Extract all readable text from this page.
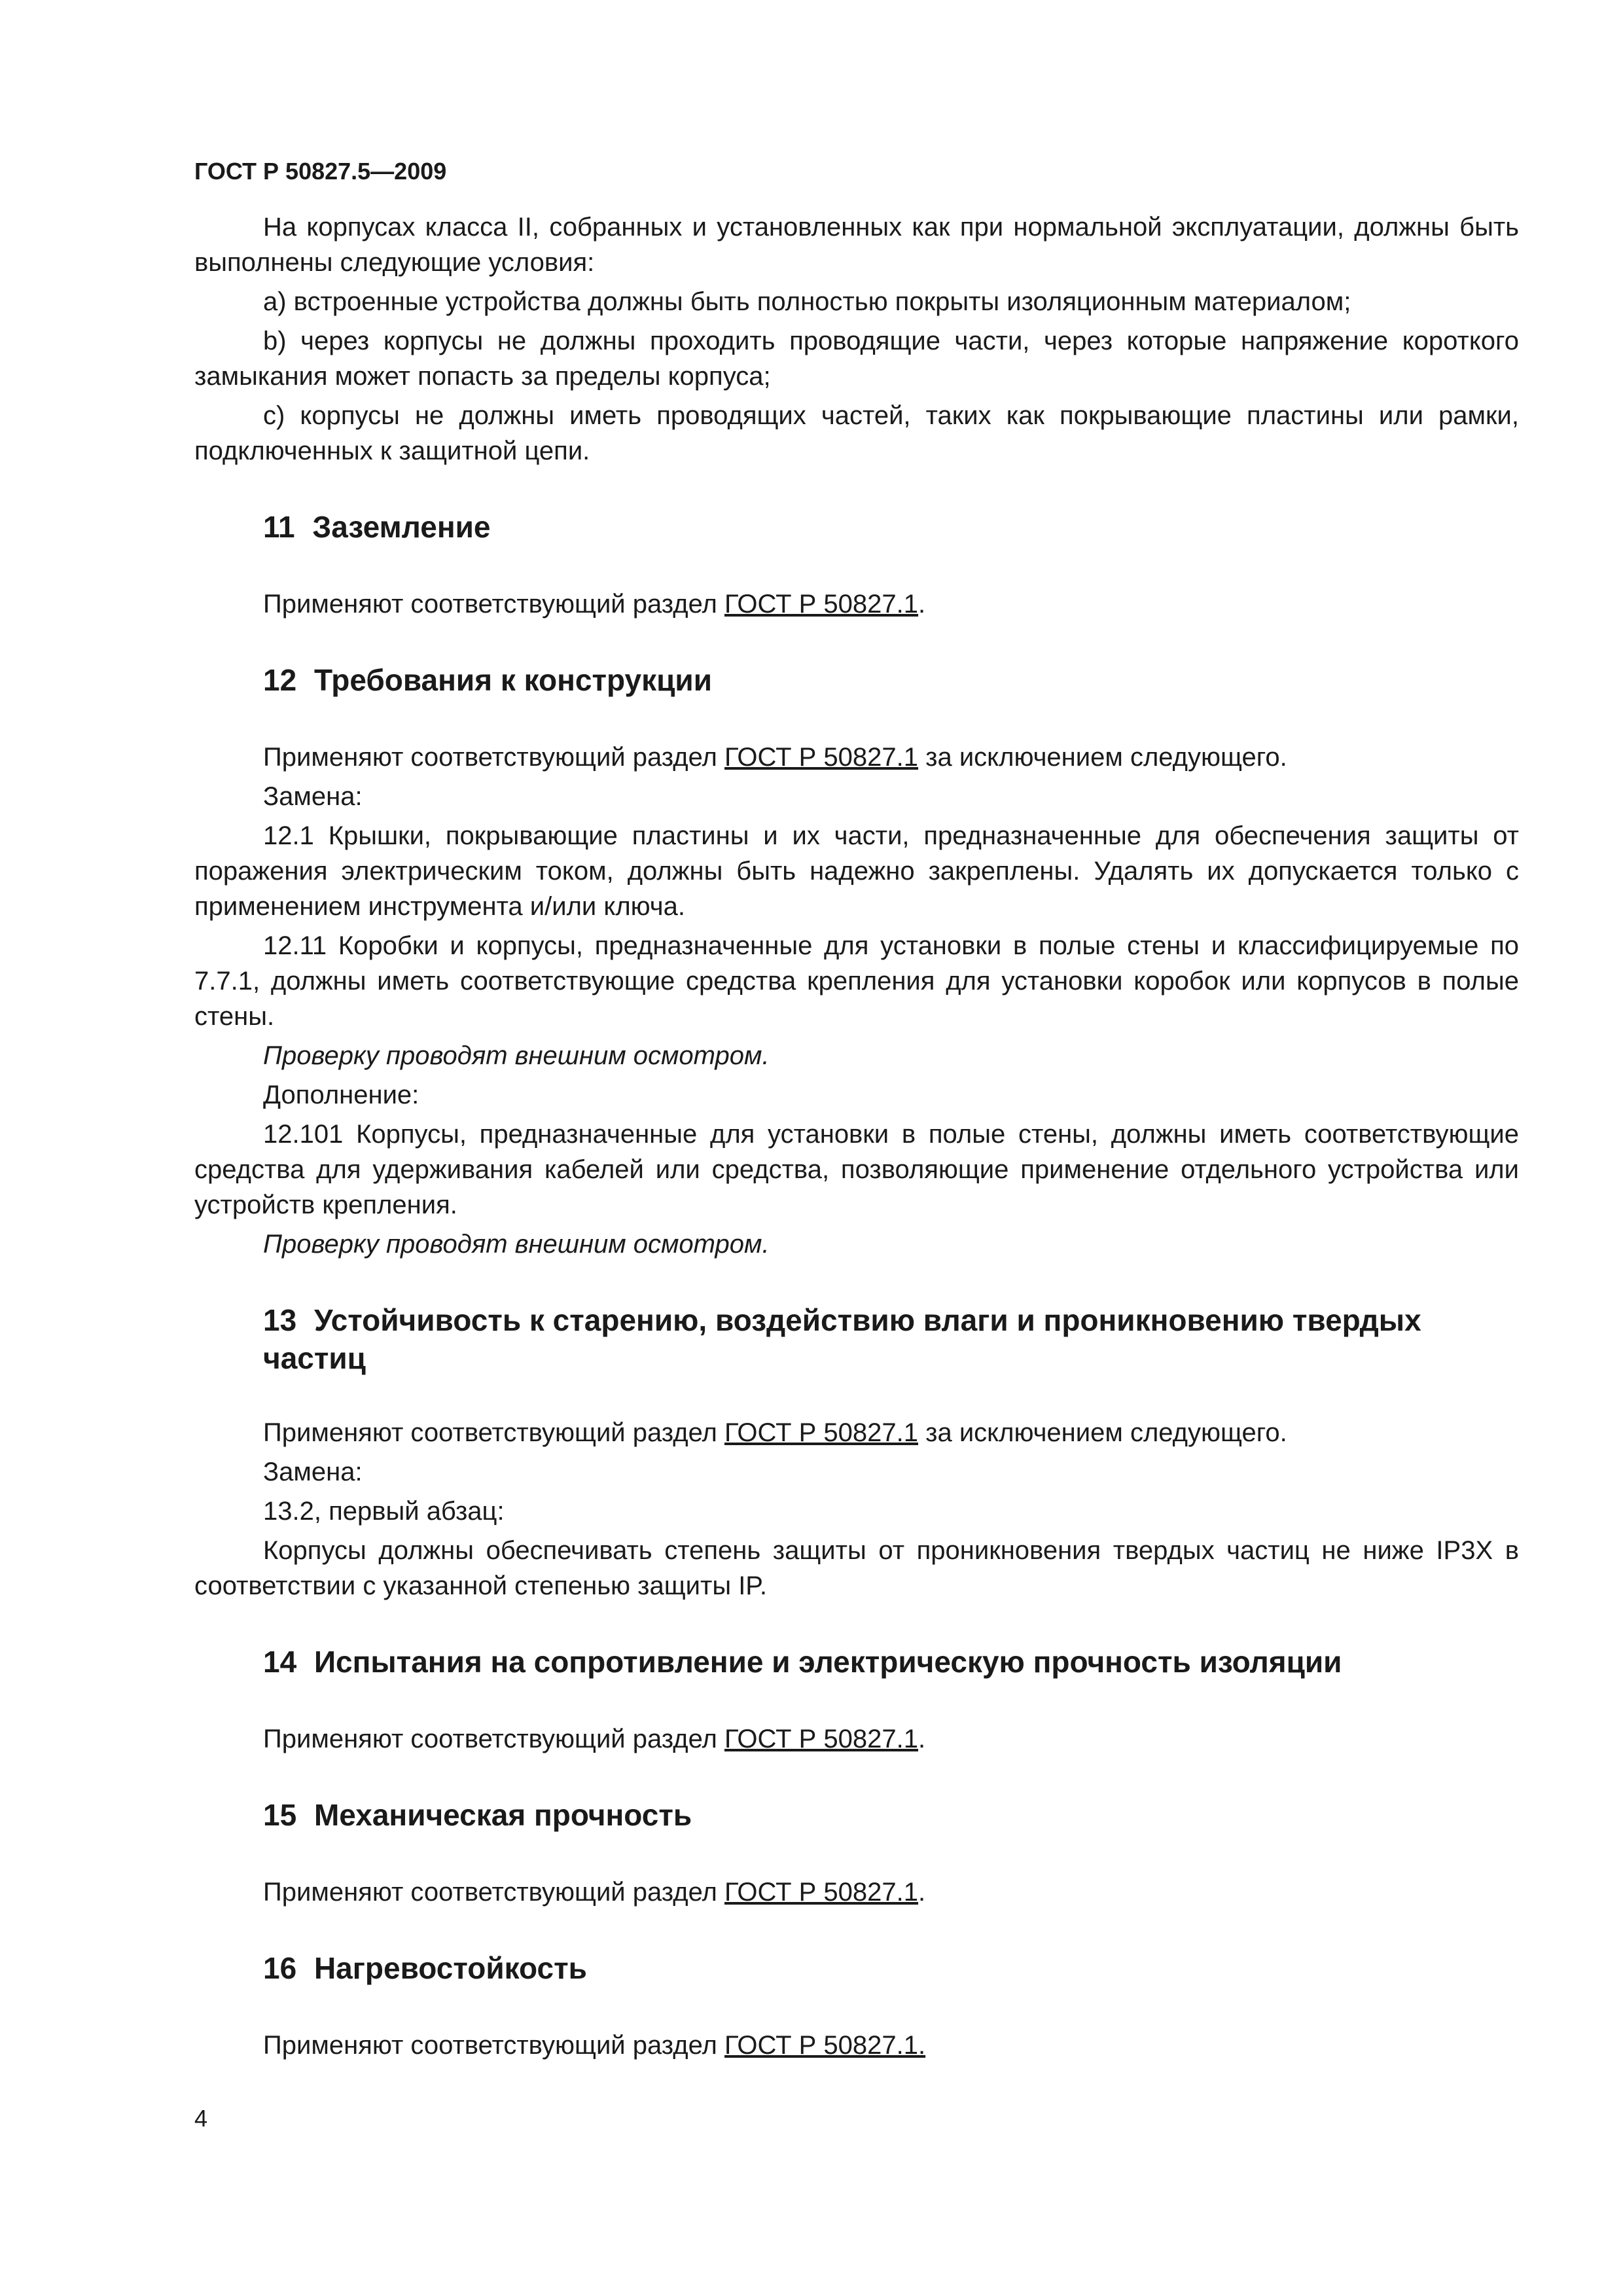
ГОСТ Р 50827.5—2009

На корпусах класса II, собранных и установленных как при нормальной эксплуатации, должны быть выполнены следующие условия:

a) встроенные устройства должны быть полностью покрыты изоляционным материалом;

b) через корпусы не должны проходить проводящие части, через которые напряжение короткого замыкания может попасть за пределы корпуса;

c) корпусы не должны иметь проводящих частей, таких как покрывающие пластины или рамки, подключенных к защитной цепи.

11 Заземление

Применяют соответствующий раздел ГОСТ Р 50827.1.

12 Требования к конструкции

Применяют соответствующий раздел ГОСТ Р 50827.1 за исключением следующего.

Замена:

12.1 Крышки, покрывающие пластины и их части, предназначенные для обеспечения защиты от поражения электрическим током, должны быть надежно закреплены. Удалять их допускается только с применением инструмента и/или ключа.

12.11 Коробки и корпусы, предназначенные для установки в полые стены и классифицируемые по 7.7.1, должны иметь соответствующие средства крепления для установки коробок или корпусов в полые стены.

Проверку проводят внешним осмотром.

Дополнение:

12.101 Корпусы, предназначенные для установки в полые стены, должны иметь соответствующие средства для удерживания кабелей или средства, позволяющие применение отдельного устройства или устройств крепления.

Проверку проводят внешним осмотром.

13 Устойчивость к старению, воздействию влаги и проникновению твердых частиц

Применяют соответствующий раздел ГОСТ Р 50827.1 за исключением следующего.

Замена:

13.2, первый абзац:

Корпусы должны обеспечивать степень защиты от проникновения твердых частиц не ниже IP3X в соответствии с указанной степенью защиты IP.

14 Испытания на сопротивление и электрическую прочность изоляции

Применяют соответствующий раздел ГОСТ Р 50827.1.

15 Механическая прочность

Применяют соответствующий раздел ГОСТ Р 50827.1.

16 Нагревостойкость

Применяют соответствующий раздел ГОСТ Р 50827.1.

4
